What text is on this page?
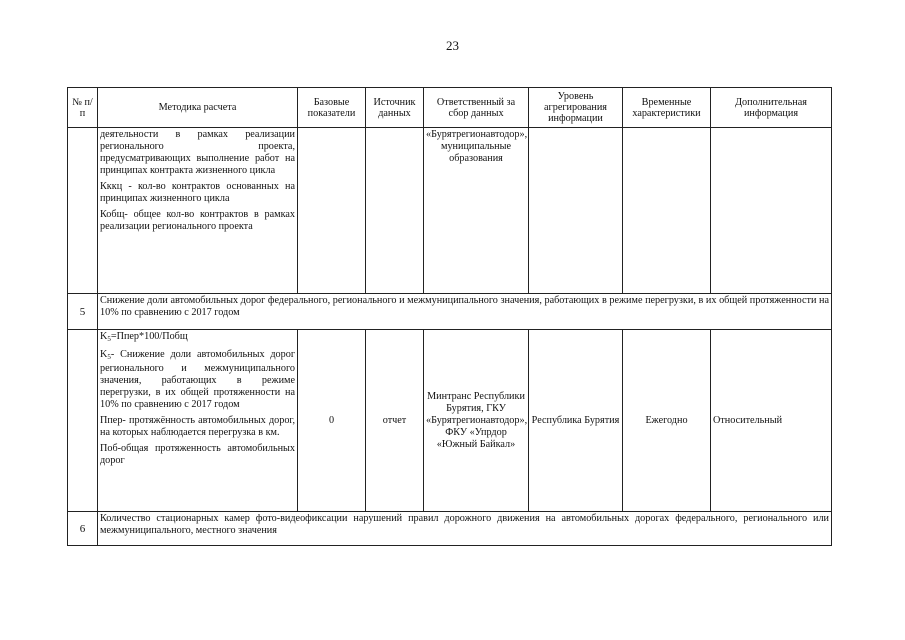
23
№ п/п	Методика расчета	Базовые показатели	Источник данных	Ответственный за сбор данных	Уровень агрегирования информации	Временные характеристики	Дополнительная информация

	деятельности в рамках реализации регионального проекта, предусматривающих выполнение работ на принципах контракта жизненного цикла

Кккц - кол-во контрактов основанных на принципах жизненного цикла

Кобщ- общее кол-во контрактов в рамках реализации регионального проекта			«Бурятрегионавтодор», муниципальные образования			
5	Снижение доли автомобильных дорог федерального, регионального и межмуниципального значения, работающих в режиме перегрузки, в их общей протяженности на 10% по сравнению с 2017 годом						

	$K_5=Ппер*100$/Побщ

$K_5-$ Снижение доли автомобильных дорог регионального и межмуниципального значения, работающих в режиме перегрузки, в их общей протяженности на 10% по сравнению с 2017 годом

Ппер- протяжённость автомобильных дорог, на которых наблюдается перегрузка в км.

Поб-общая протяженность автомобильных дорог	0	отчет	Минтранс Республики Бурятия, ГКУ «Бурятрегионавтодор», ФКУ «Упрдор «Южный Байкал»	Республика Бурятия	Ежегодно	Относительный
6	Количество стационарных камер фото-видеофиксации нарушений правил дорожного движения на автомобильных дорогах федерального, регионального или межмуниципального, местного значения						
